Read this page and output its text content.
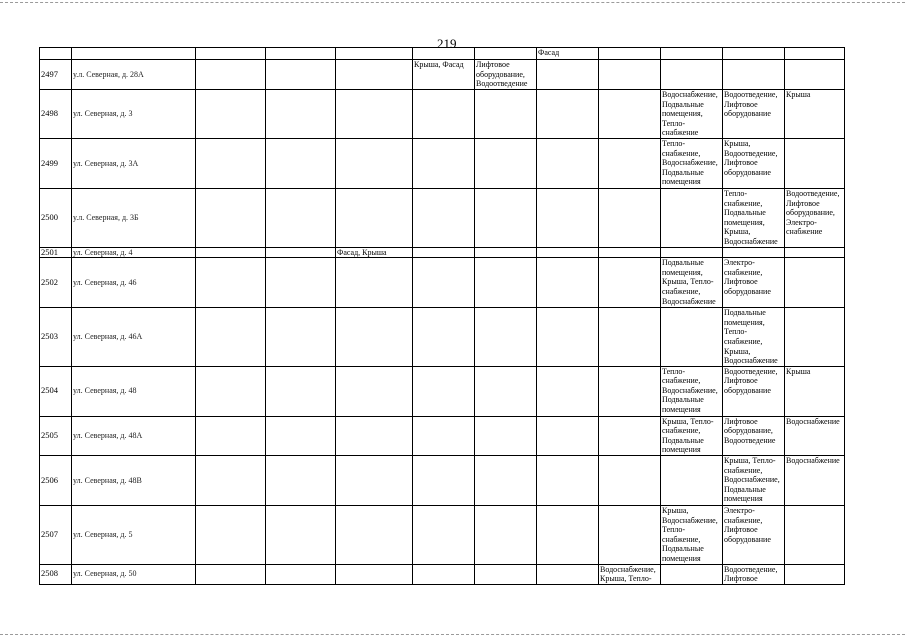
219
							Фасад				
2497	у.л. Северная, д. 28А				Крыша, Фасад	Лифтовое оборудование, Водоотведение					
2498	ул. Северная, д. 3								Водоснабжение, Подвальные помещения, Тепло-снабжение	Водоотведение, Лифтовое оборудование	Крыша
2499	ул. Северная, д. 3А								Тепло-снабжение, Водоснабжение, Подвальные помещения	Крыша, Водоотведение, Лифтовое оборудование	
2500	у.л. Северная, д. 3Б									Тепло-снабжение, Подвальные помещения, Крыша, Водоснабжение	Водоотведение, Лифтовое оборудование, Электро-снабжение
2501	ул. Северная, д. 4			Фасад, Крыша							
2502	ул. Северная, д. 46								Подвальные помещения, Крыша, Тепло-снабжение, Водоснабжение	Электро-снабжение, Лифтовое оборудование	
2503	ул. Северная, д. 46А									Подвальные помещения, Тепло-снабжение, Крыша, Водоснабжение	
2504	ул. Северная, д. 48								Тепло-снабжение, Водоснабжение, Подвальные помещения	Водоотведение, Лифтовое оборудование	Крыша
2505	ул. Северная, д. 48А								Крыша, Тепло-снабжение, Подвальные помещения	Лифтовое оборудование, Водоотведение	Водоснабжение
2506	ул. Северная, д. 48В									Крыша, Тепло-снабжение, Водоснабжение, Подвальные помещения	Водоснабжение
2507	ул. Северная, д. 5								Крыша, Водоснабжение, Тепло-снабжение, Подвальные помещения	Электро-снабжение, Лифтовое оборудование	
2508	ул. Северная, д. 50							Водоснабжение, Крыша, Тепло-		Водоотведение, Лифтовое	
